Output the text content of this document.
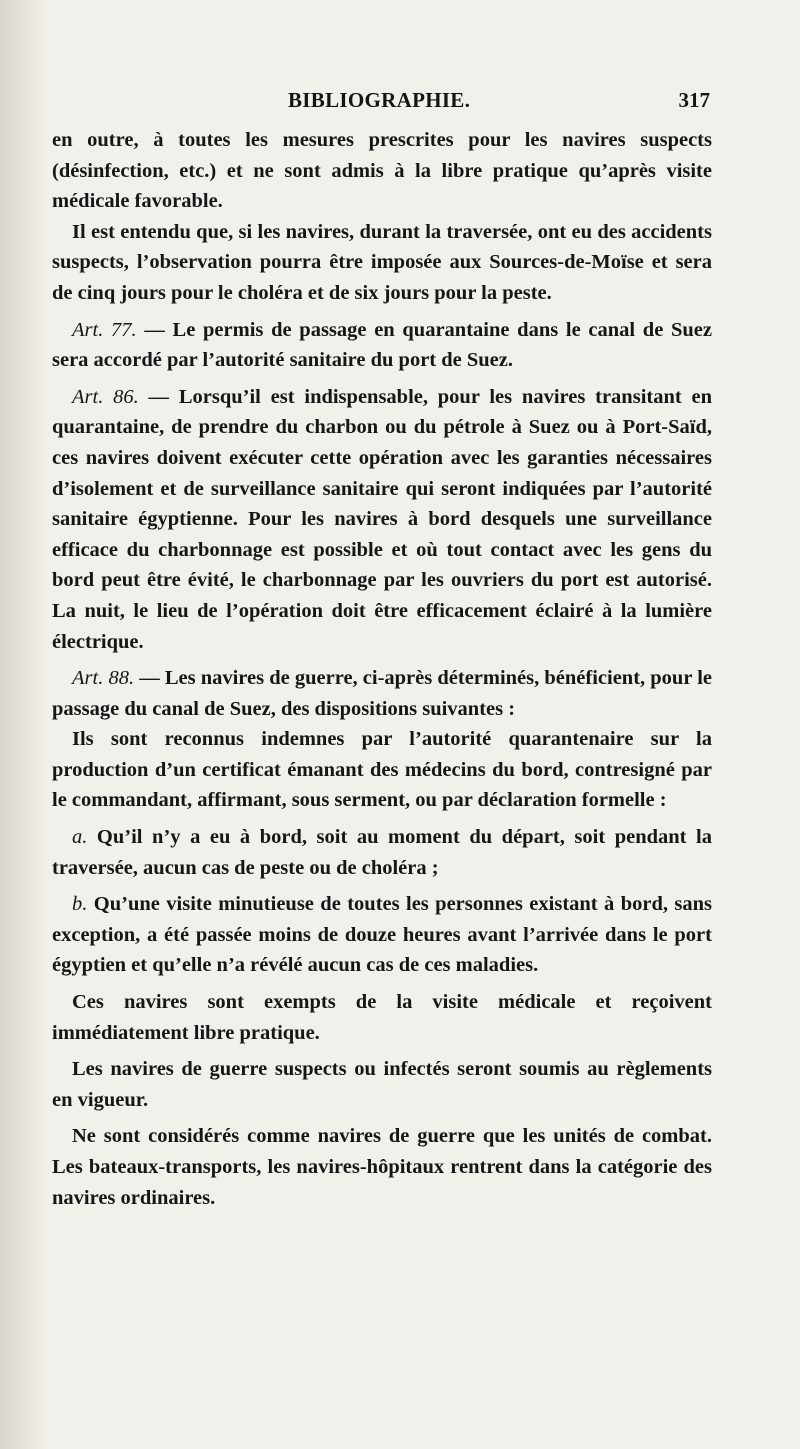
BIBLIOGRAPHIE.	317

en outre, à toutes les mesures prescrites pour les navires suspects (désinfection, etc.) et ne sont admis à la libre pratique qu’après visite médicale favorable.

Il est entendu que, si les navires, durant la traversée, ont eu des accidents suspects, l’observation pourra être imposée aux Sources-de-Moïse et sera de cinq jours pour le choléra et de six jours pour la peste.

Art. 77. — Le permis de passage en quarantaine dans le canal de Suez sera accordé par l’autorité sanitaire du port de Suez.

Art. 86. — Lorsqu’il est indispensable, pour les navires transitant en quarantaine, de prendre du charbon ou du pétrole à Suez ou à Port-Saïd, ces navires doivent exécuter cette opération avec les garanties nécessaires d’isolement et de surveillance sanitaire qui seront indiquées par l’autorité sanitaire égyptienne. Pour les navires à bord desquels une surveillance efficace du charbonnage est possible et où tout contact avec les gens du bord peut être évité, le charbonnage par les ouvriers du port est autorisé. La nuit, le lieu de l’opération doit être efficacement éclairé à la lumière électrique.

Art. 88. — Les navires de guerre, ci-après déterminés, bénéficient, pour le passage du canal de Suez, des dispositions suivantes :

Ils sont reconnus indemnes par l’autorité quarantenaire sur la production d’un certificat émanant des médecins du bord, contresigné par le commandant, affirmant, sous serment, ou par déclaration formelle :

a. Qu’il n’y a eu à bord, soit au moment du départ, soit pendant la traversée, aucun cas de peste ou de choléra ;

b. Qu’une visite minutieuse de toutes les personnes existant à bord, sans exception, a été passée moins de douze heures avant l’arrivée dans le port égyptien et qu’elle n’a révélé aucun cas de ces maladies.

Ces navires sont exempts de la visite médicale et reçoivent immédiatement libre pratique.

Les navires de guerre suspects ou infectés seront soumis au règlements en vigueur.

Ne sont considérés comme navires de guerre que les unités de combat. Les bateaux-transports, les navires-hôpitaux rentrent dans la catégorie des navires ordinaires.
